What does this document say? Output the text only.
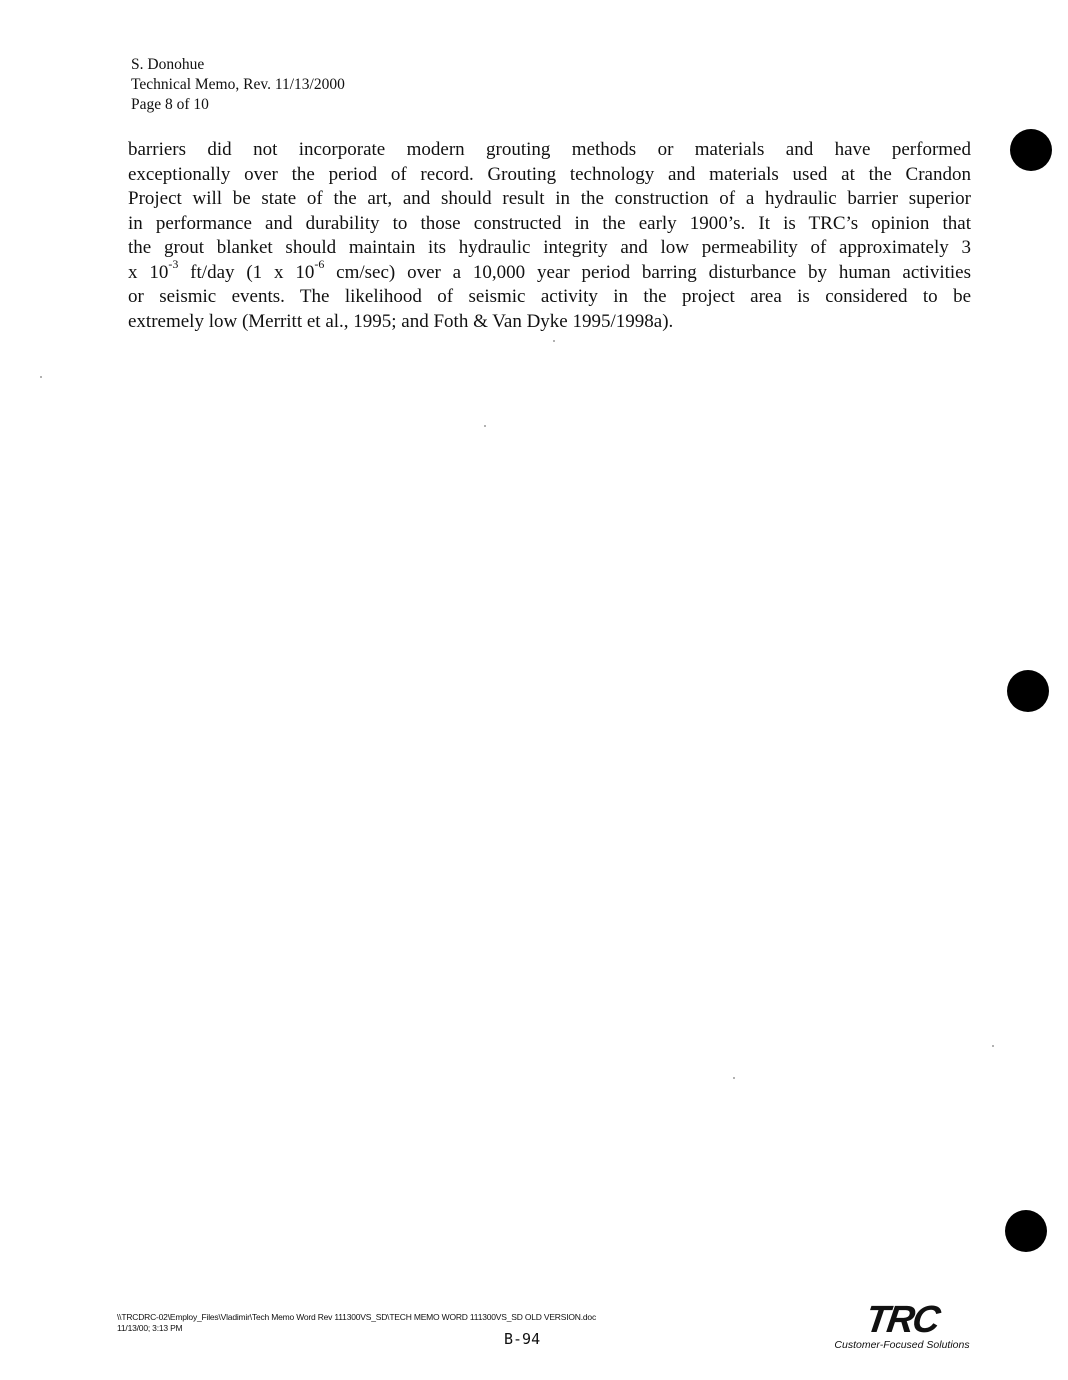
S. Donohue
Technical Memo, Rev. 11/13/2000
Page 8 of 10
barriers did not incorporate modern grouting methods or materials and have performed
exceptionally over the period of record. Grouting technology and materials used at the Crandon
Project will be state of the art, and should result in the construction of a hydraulic barrier superior
in performance and durability to those constructed in the early 1900’s. It is TRC’s opinion that
the grout blanket should maintain its hydraulic integrity and low permeability of approximately 3
x $10^{-3}$ ft/day (1 x $10^{-6}$ cm/sec) over a 10,000 year period barring disturbance by human activities
or seismic events. The likelihood of seismic activity in the project area is considered to be
extremely low (Merritt et al., 1995; and Foth & Van Dyke 1995/1998a).
\\TRCDRC-02\Employ_Files\Vladimir\Tech Memo Word Rev 111300VS_SD\TECH MEMO WORD 111300VS_SD OLD VERSION.doc
11/13/00; 3:13 PM
B-94	TRC
Customer-Focused Solutions
